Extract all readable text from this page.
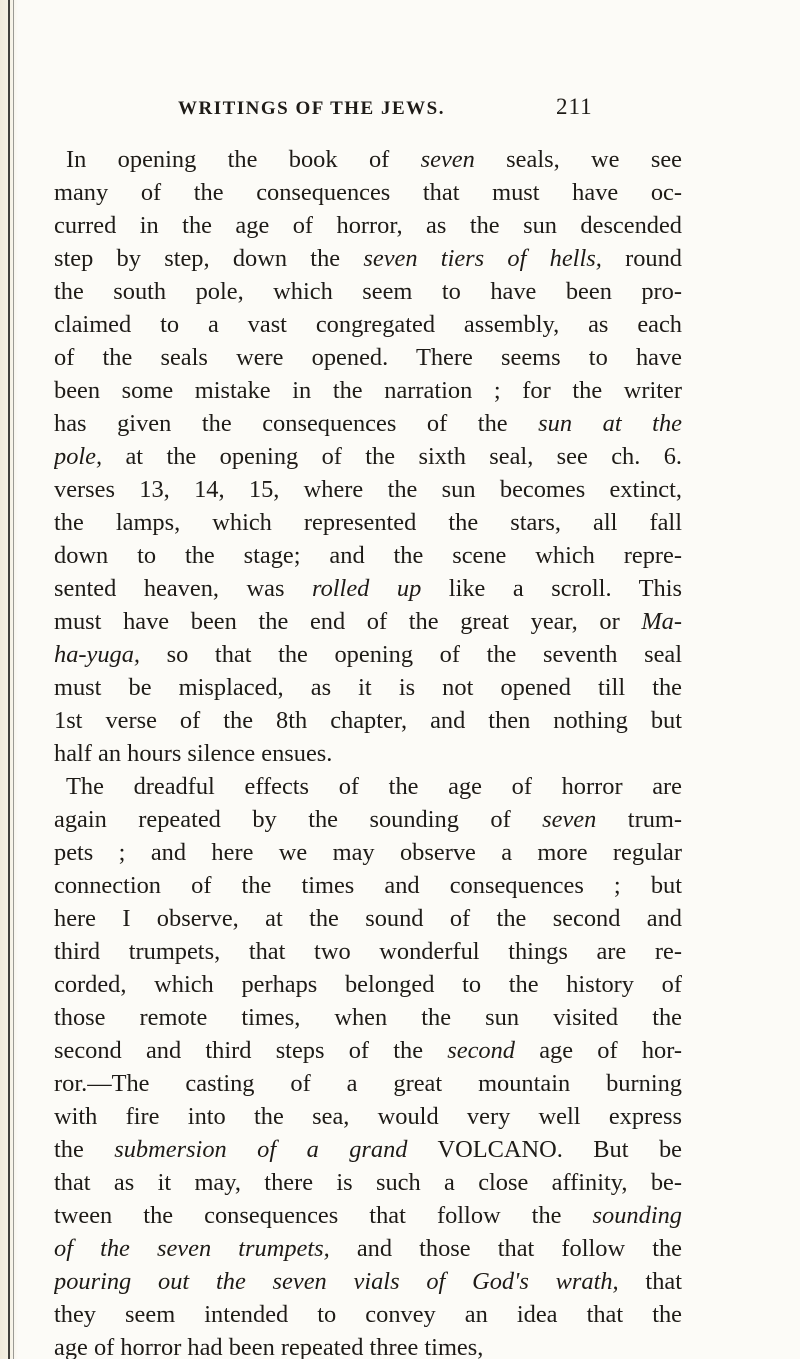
WRITINGS OF THE JEWS.	211
In opening the book of seven seals, we see
many of the consequences that must have oc-
curred in the age of horror, as the sun descended
step by step, down the seven tiers of hells, round
the south pole, which seem to have been pro-
claimed to a vast congregated assembly, as each
of the seals were opened. There seems to have
been some mistake in the narration ; for the writer
has given the consequences of the sun at the
pole, at the opening of the sixth seal, see ch. 6.
verses 13, 14, 15, where the sun becomes extinct,
the lamps, which represented the stars, all fall
down to the stage; and the scene which repre-
sented heaven, was rolled up like a scroll. This
must have been the end of the great year, or Ma-
ha-yuga, so that the opening of the seventh seal
must be misplaced, as it is not opened till the
1st verse of the 8th chapter, and then nothing but
half an hours silence ensues.
The dreadful effects of the age of horror are
again repeated by the sounding of seven trum-
pets ; and here we may observe a more regular
connection of the times and consequences ; but
here I observe, at the sound of the second and
third trumpets, that two wonderful things are re-
corded, which perhaps belonged to the history of
those remote times, when the sun visited the
second and third steps of the second age of hor-
ror.—The casting of a great mountain burning
with fire into the sea, would very well express
the submersion of a grand VOLCANO. But be
that as it may, there is such a close affinity, be-
tween the consequences that follow the sounding
of the seven trumpets, and those that follow the
pouring out the seven vials of God's wrath, that
they seem intended to convey an idea that the
age of horror had been repeated three times,
